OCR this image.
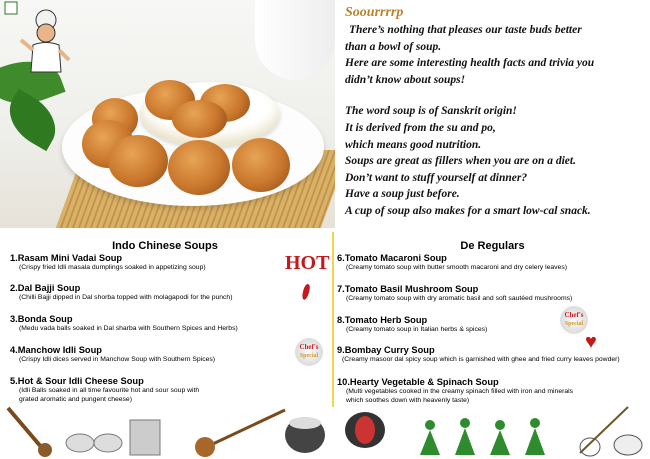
Soourrrrp

There’s nothing that pleases our taste buds better

than a bowl of soup.

Here are some interesting health facts and trivia you

didn’t know about soups!

The word soup is of Sanskrit origin!

It is derived from the su and po,

which means good nutrition.

Soups are great as fillers when you are on a diet.

Don’t want to stuff yourself at dinner?

Have a soup just before.

A cup of soup also makes for a smart low-cal snack.

Indo Chinese Soups	De Regulars
1.Rasam Mini Vadai Soup
(Crispy fried Idli masala dumplings soaked in appetizing soup)
2.Dal Bajji Soup
(Chilli Bajji dipped in Dal shorba topped with molagapodi for the punch)
3.Bonda Soup
(Medu vada balls soaked in Dal sharba with Southern Spices and Herbs)
4.Manchow Idli Soup
(Crispy Idli dices served in Manchow Soup with Southern Spices)
5.Hot & Sour Idli Cheese Soup
(Idli Balls soaked in all time favourite hot and sour soup with
grated aromatic and pungent cheese)
6.Tomato Macaroni Soup
(Creamy tomato soup with butter smooth macaroni and dry celery leaves)
7.Tomato Basil Mushroom Soup
(Creamy tomato soup with dry aromatic basil and soft sautéed mushrooms)
8.Tomato Herb Soup
(Creamy tomato soup in Italian herbs & spices)
9.Bombay Curry Soup
(Creamy masoor dal spicy soup which is garnished with ghee and fried curry leaves powder)
10.Hearty Vegetable & Spinach Soup
(Multi vegetables cooked in the creamy spinach filled with iron and minerals
which soothes down with heavenly taste)
HOT
Chef's
Special
Chef's
Special
♥
